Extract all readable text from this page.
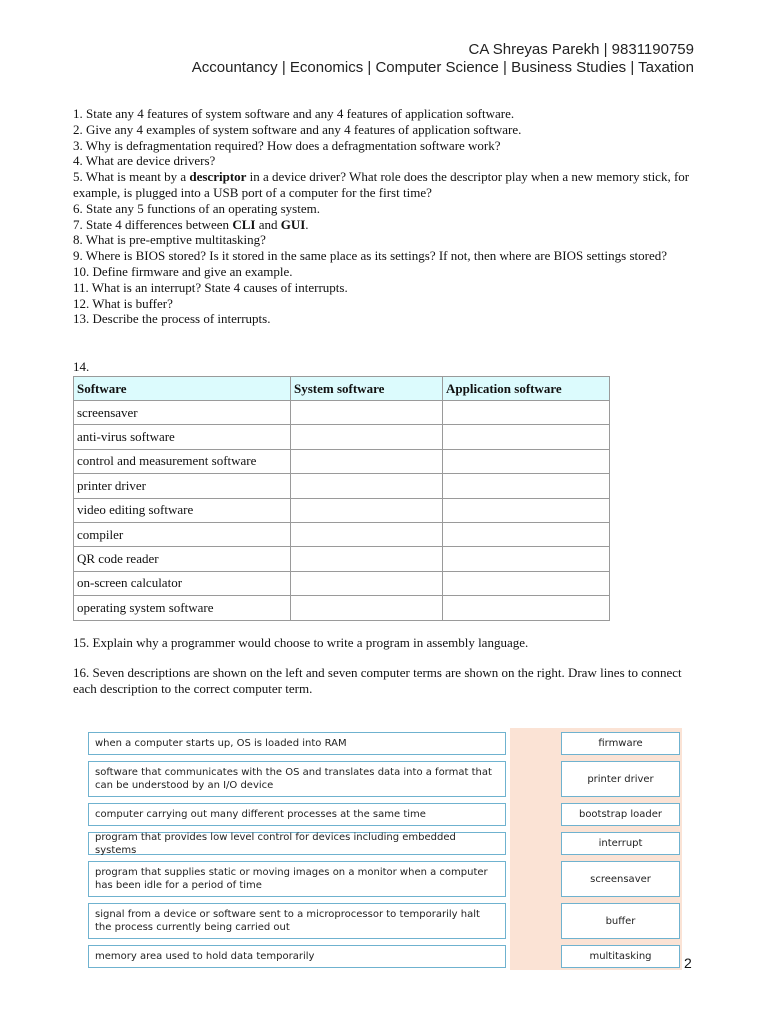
CA Shreyas Parekh | 9831190759
Accountancy | Economics | Computer Science | Business Studies | Taxation
1. State any 4 features of system software and any 4 features of application software.
2. Give any 4 examples of system software and any 4 features of application software.
3. Why is defragmentation required? How does a defragmentation software work?
4. What are device drivers?
5. What is meant by a descriptor in a device driver? What role does the descriptor play when a new memory stick, for example, is plugged into a USB port of a computer for the first time?
6. State any 5 functions of an operating system.
7. State 4 differences between CLI and GUI.
8. What is pre-emptive multitasking?
9. Where is BIOS stored? Is it stored in the same place as its settings? If not, then where are BIOS settings stored?
10. Define firmware and give an example.
11. What is an interrupt? State 4 causes of interrupts.
12. What is buffer?
13. Describe the process of interrupts.
14.
Software	System software	Application software
screensaver		
anti-virus software		
control and measurement software		
printer driver		
video editing software		
compiler		
QR code reader		
on-screen calculator		
operating system software		
15. Explain why a programmer would choose to write a program in assembly language.
16. Seven descriptions are shown on the left and seven computer terms are shown on the right. Draw lines to connect each description to the correct computer term.
when a computer starts up, OS is loaded into RAM
software that communicates with the OS and translates data into a format that can be understood by an I/O device
computer carrying out many different processes at the same time
program that provides low level control for devices including embedded systems
program that supplies static or moving images on a monitor when a computer has been idle for a period of time
signal from a device or software sent to a microprocessor to temporarily halt the process currently being carried out
memory area used to hold data temporarily
firmware
printer driver
bootstrap loader
interrupt
screensaver
buffer
multitasking	2
